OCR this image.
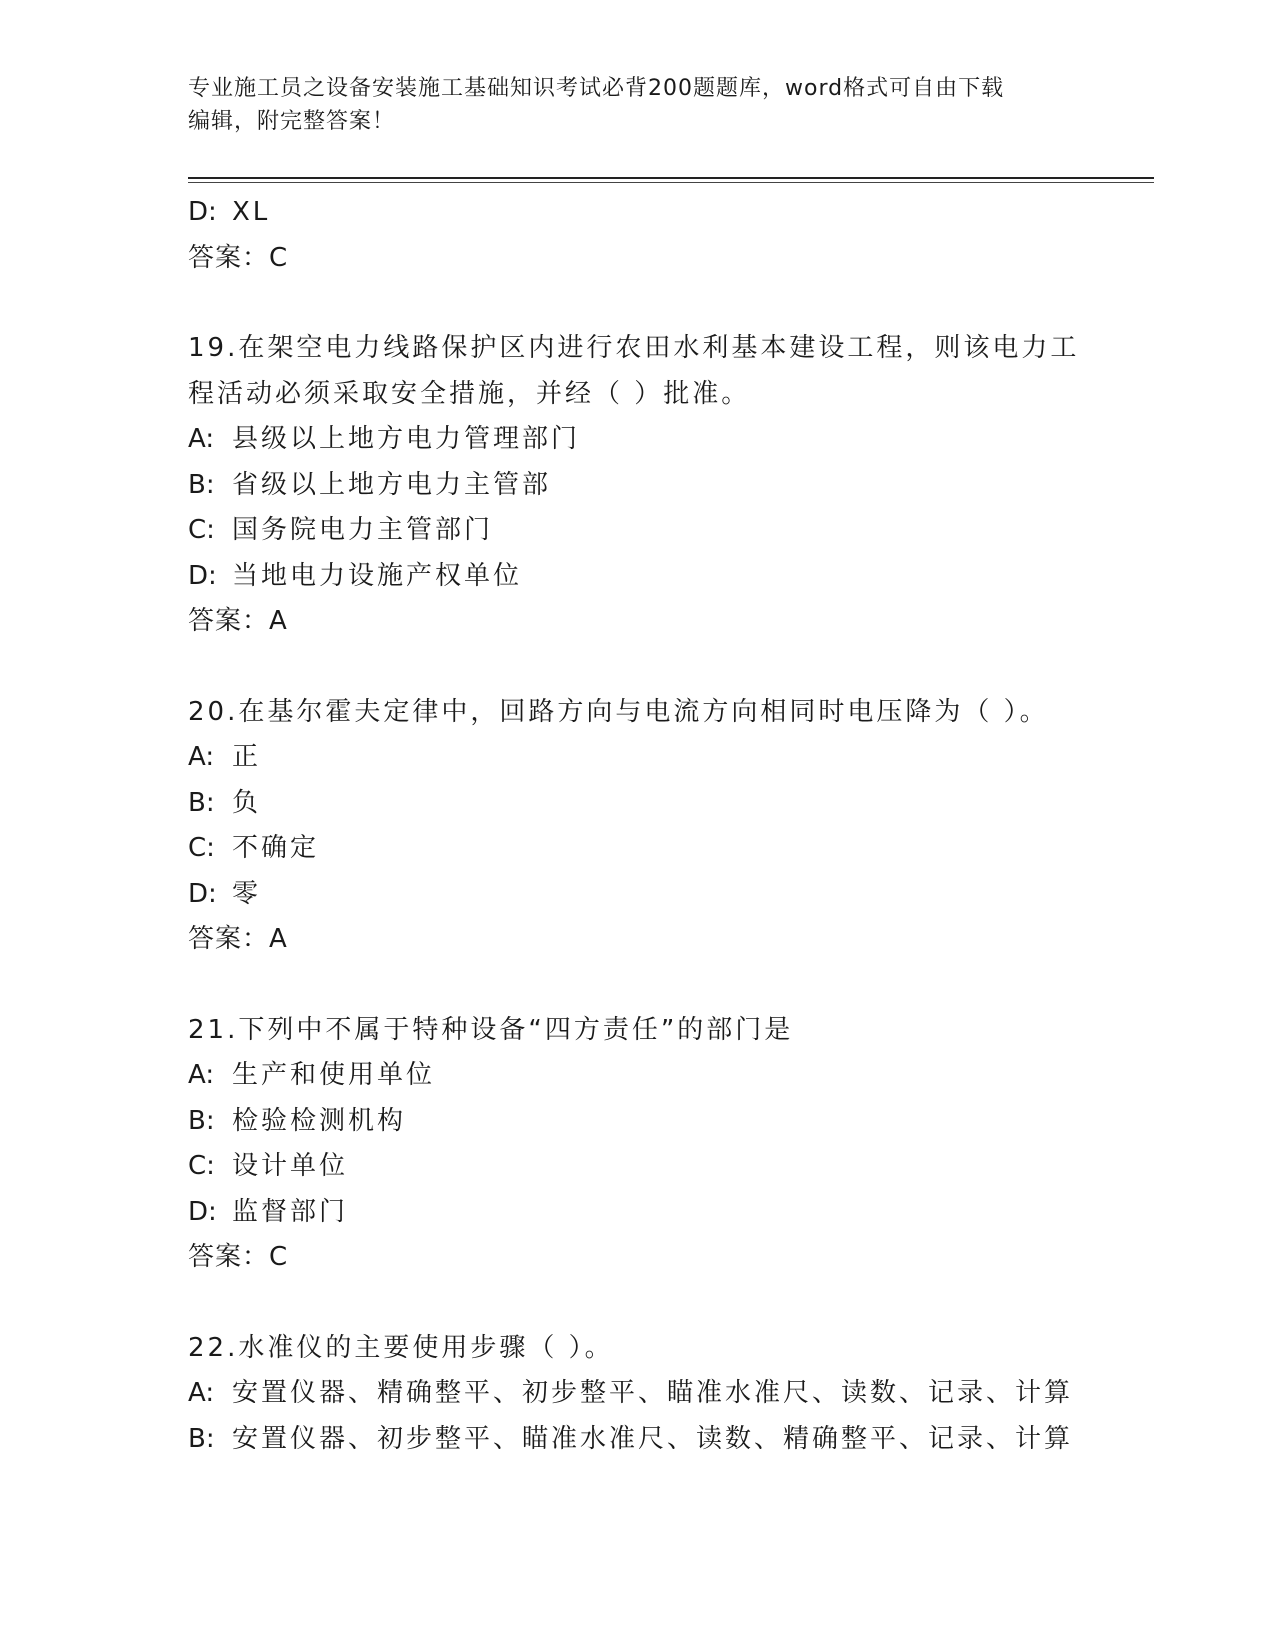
专业施工员之设备安装施工基础知识考试必背200题题库，word格式可自由下载
编辑，附完整答案！
D: XL
答案：C
19.在架空电力线路保护区内进行农田水利基本建设工程，则该电力工
程活动必须采取安全措施，并经（ ）批准。
A: 县级以上地方电力管理部门
B: 省级以上地方电力主管部
C: 国务院电力主管部门
D: 当地电力设施产权单位
答案：A
20.在基尔霍夫定律中，回路方向与电流方向相同时电压降为（ ）。
A: 正
B: 负
C: 不确定
D: 零
答案：A
21.下列中不属于特种设备“四方责任”的部门是
A: 生产和使用单位
B: 检验检测机构
C: 设计单位
D: 监督部门
答案：C
22.水准仪的主要使用步骤（ ）。
A: 安置仪器、精确整平、初步整平、瞄准水准尺、读数、记录、计算
B: 安置仪器、初步整平、瞄准水准尺、读数、精确整平、记录、计算
